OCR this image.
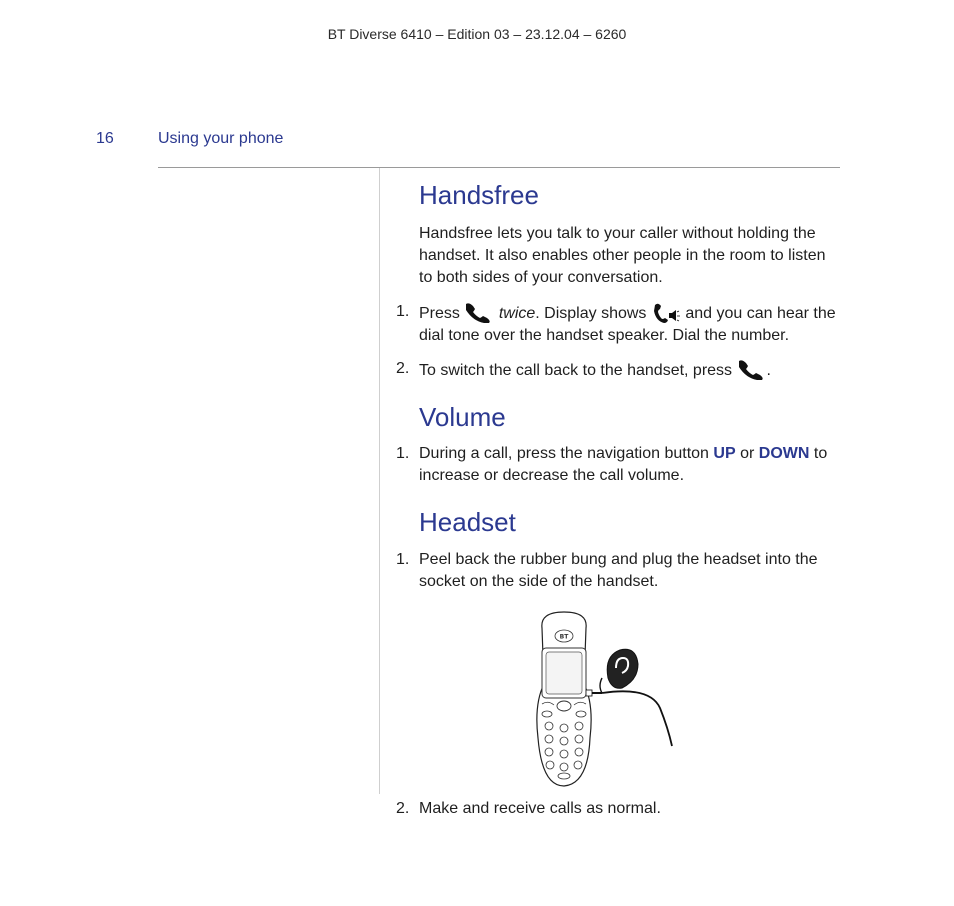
BT Diverse 6410 – Edition 03 – 23.12.04 – 6260
16	Using your phone
Handsfree

Handsfree lets you talk to your caller without holding the handset. It also enables other people in the room to listen to both sides of your conversation.

1. Press	◁) twice. Display shows and you can hear the dial tone over the handset speaker. Dial the number.
2. To switch the call back to the handset, press	◁) .
Volume
1. During a call, press the navigation button UP or DOWN to increase or decrease the call volume.
Headset
1. Peel back the rubber bung and plug the headset into the socket on the side of the handset.
2. Make and receive calls as normal.
BT
